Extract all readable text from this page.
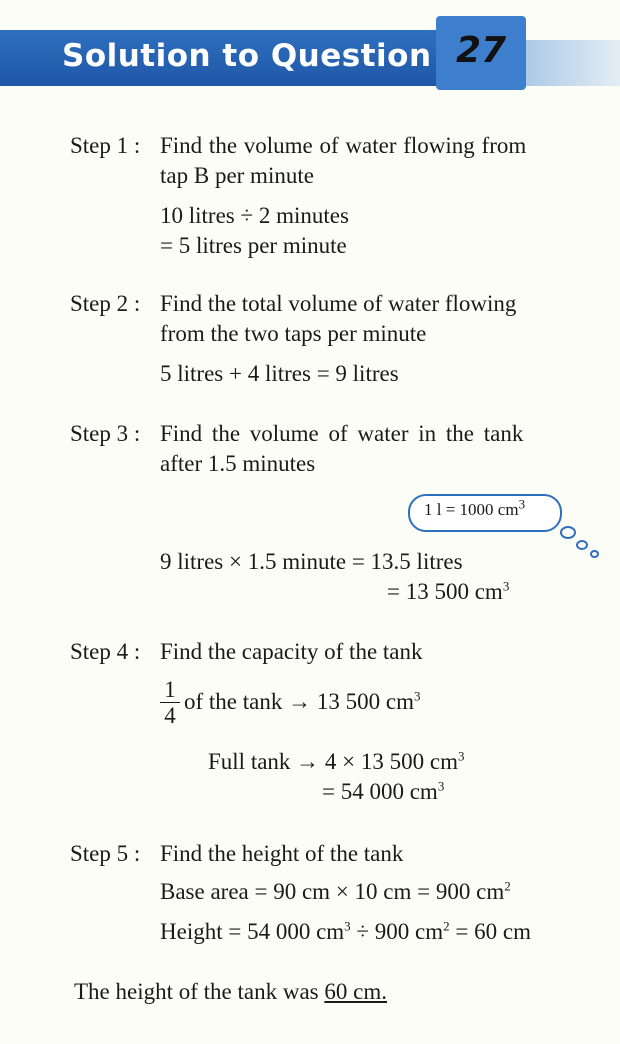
Solution to Question 27
Step 1 : Find the volume of water flowing from
tap B per minute
10 litres ÷ 2 minutes
= 5 litres per minute
Step 2 : Find the total volume of water flowing
from the two taps per minute
5 litres + 4 litres = 9 litres
Step 3 : Find the volume of water in the tank
after 1.5 minutes
1 l = 1000 $cm^3$
9 litres × 1.5 minute = 13.5 litres
= 13 500 $cm^3$
Step 4 : Find the capacity of the tank
$\frac{1}{4}$ of the tank → 13 500 $cm^3$
Full tank → 4 × 13 500 $cm^3$
= 54 000 $cm^3$
Step 5 : Find the height of the tank
Base area = 90 cm × 10 cm = 900 $cm^2$
Height = 54 000 $cm^3 \div 900$ $cm^2 = 60$ cm
The height of the tank was 60 cm.
